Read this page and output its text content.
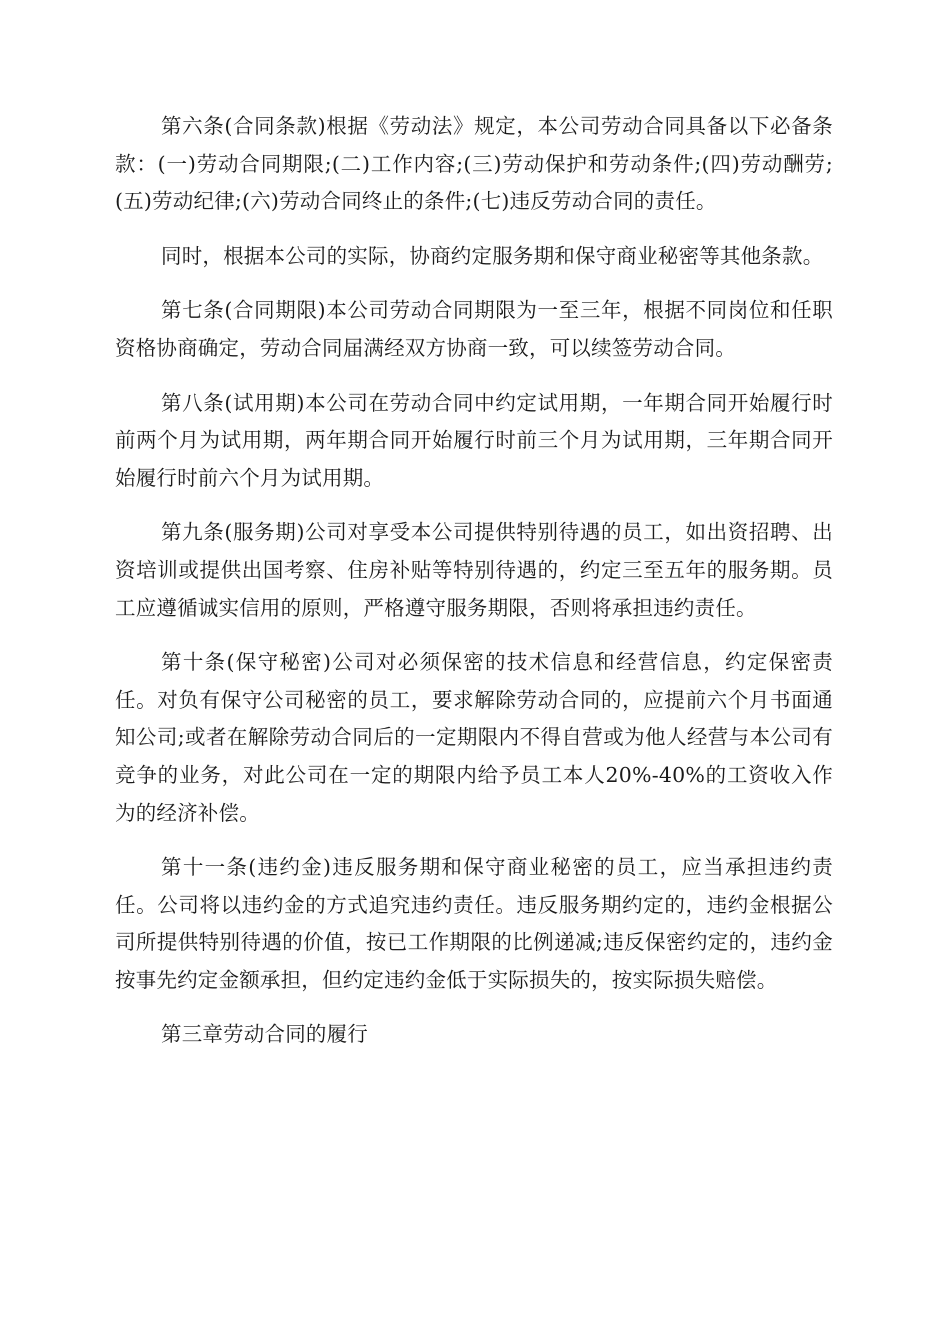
第六条(合同条款)根据《劳动法》规定，本公司劳动合同具备以下必备条款：(一)劳动合同期限;(二)工作内容;(三)劳动保护和劳动条件;(四)劳动酬劳;(五)劳动纪律;(六)劳动合同终止的条件;(七)违反劳动合同的责任。

同时，根据本公司的实际，协商约定服务期和保守商业秘密等其他条款。

第七条(合同期限)本公司劳动合同期限为一至三年，根据不同岗位和任职资格协商确定，劳动合同届满经双方协商一致，可以续签劳动合同。

第八条(试用期)本公司在劳动合同中约定试用期，一年期合同开始履行时前两个月为试用期，两年期合同开始履行时前三个月为试用期，三年期合同开始履行时前六个月为试用期。

第九条(服务期)公司对享受本公司提供特别待遇的员工，如出资招聘、出资培训或提供出国考察、住房补贴等特别待遇的，约定三至五年的服务期。员工应遵循诚实信用的原则，严格遵守服务期限，否则将承担违约责任。

第十条(保守秘密)公司对必须保密的技术信息和经营信息，约定保密责任。对负有保守公司秘密的员工，要求解除劳动合同的，应提前六个月书面通知公司;或者在解除劳动合同后的一定期限内不得自营或为他人经营与本公司有竞争的业务，对此公司在一定的期限内给予员工本人20%-40%的工资收入作为的经济补偿。

第十一条(违约金)违反服务期和保守商业秘密的员工，应当承担违约责任。公司将以违约金的方式追究违约责任。违反服务期约定的，违约金根据公司所提供特别待遇的价值，按已工作期限的比例递减;违反保密约定的，违约金按事先约定金额承担，但约定违约金低于实际损失的，按实际损失赔偿。

第三章劳动合同的履行
